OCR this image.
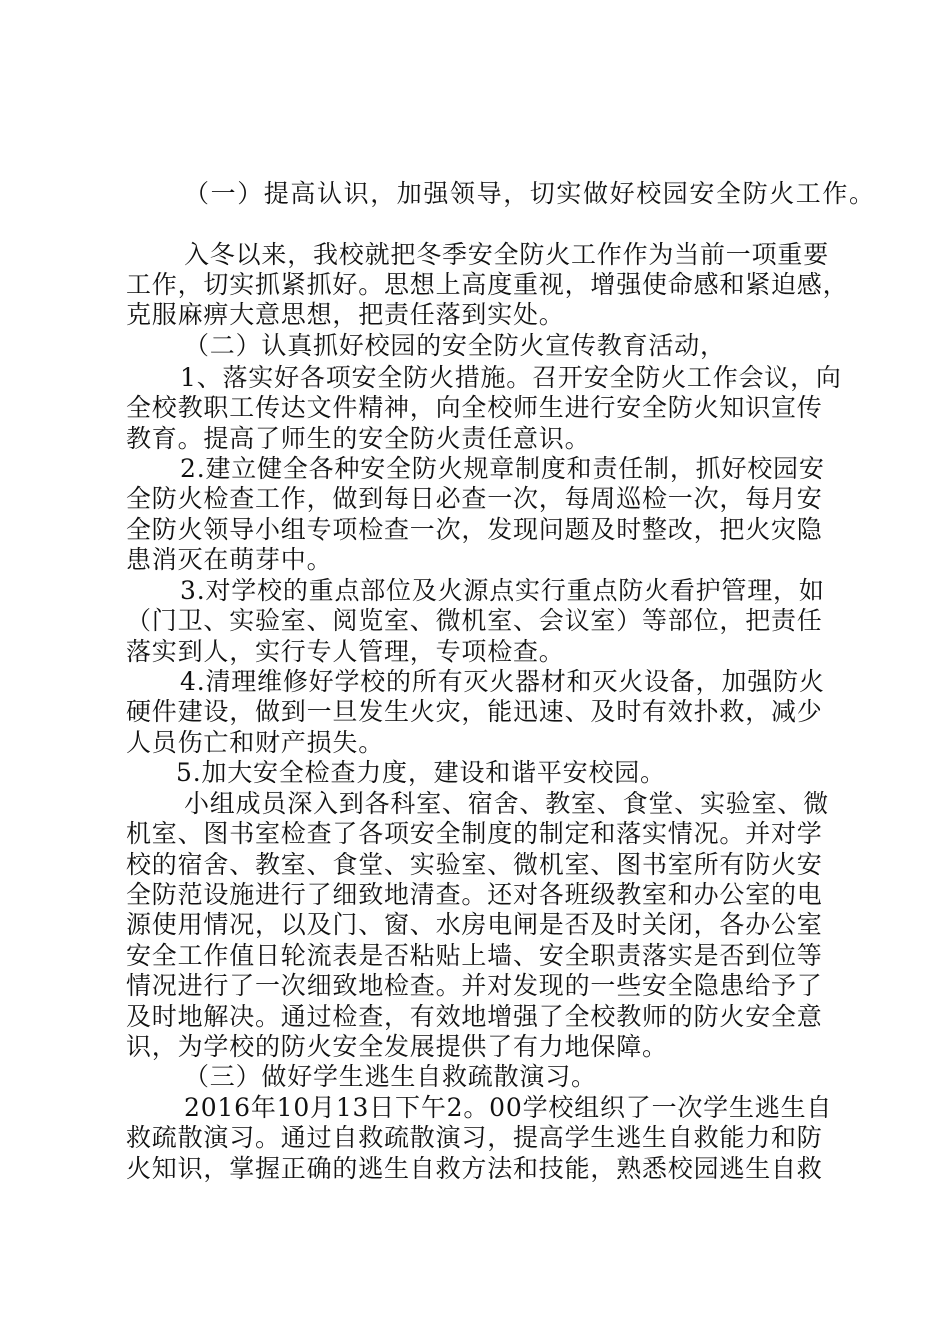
（一）提高认识，加强领导，切实做好校园安全防火工作。
入冬以来，我校就把冬季安全防火工作作为当前一项重要
工作，切实抓紧抓好。思想上高度重视，增强使命感和紧迫感，
克服麻痹大意思想，把责任落到实处。
（二）认真抓好校园的安全防火宣传教育活动，
1、落实好各项安全防火措施。召开安全防火工作会议，向
全校教职工传达文件精神，向全校师生进行安全防火知识宣传
教育。提高了师生的安全防火责任意识。
2.建立健全各种安全防火规章制度和责任制，抓好校园安
全防火检查工作，做到每日必查一次，每周巡检一次，每月安
全防火领导小组专项检查一次，发现问题及时整改，把火灾隐
患消灭在萌芽中。
3.对学校的重点部位及火源点实行重点防火看护管理，如
（门卫、实验室、阅览室、微机室、会议室）等部位，把责任
落实到人，实行专人管理，专项检查。
4.清理维修好学校的所有灭火器材和灭火设备，加强防火
硬件建设，做到一旦发生火灾，能迅速、及时有效扑救，减少
人员伤亡和财产损失。
5.加大安全检查力度，建设和谐平安校园。
小组成员深入到各科室、宿舍、教室、食堂、实验室、微
机室、图书室检查了各项安全制度的制定和落实情况。并对学
校的宿舍、教室、食堂、实验室、微机室、图书室所有防火安
全防范设施进行了细致地清查。还对各班级教室和办公室的电
源使用情况，以及门、窗、水房电闸是否及时关闭，各办公室
安全工作值日轮流表是否粘贴上墙、安全职责落实是否到位等
情况进行了一次细致地检查。并对发现的一些安全隐患给予了
及时地解决。通过检查，有效地增强了全校教师的防火安全意
识，为学校的防火安全发展提供了有力地保障。
（三）做好学生逃生自救疏散演习。
2016年10月13日下午2。00学校组织了一次学生逃生自
救疏散演习。通过自救疏散演习，提高学生逃生自救能力和防
火知识，掌握正确的逃生自救方法和技能，熟悉校园逃生自救
